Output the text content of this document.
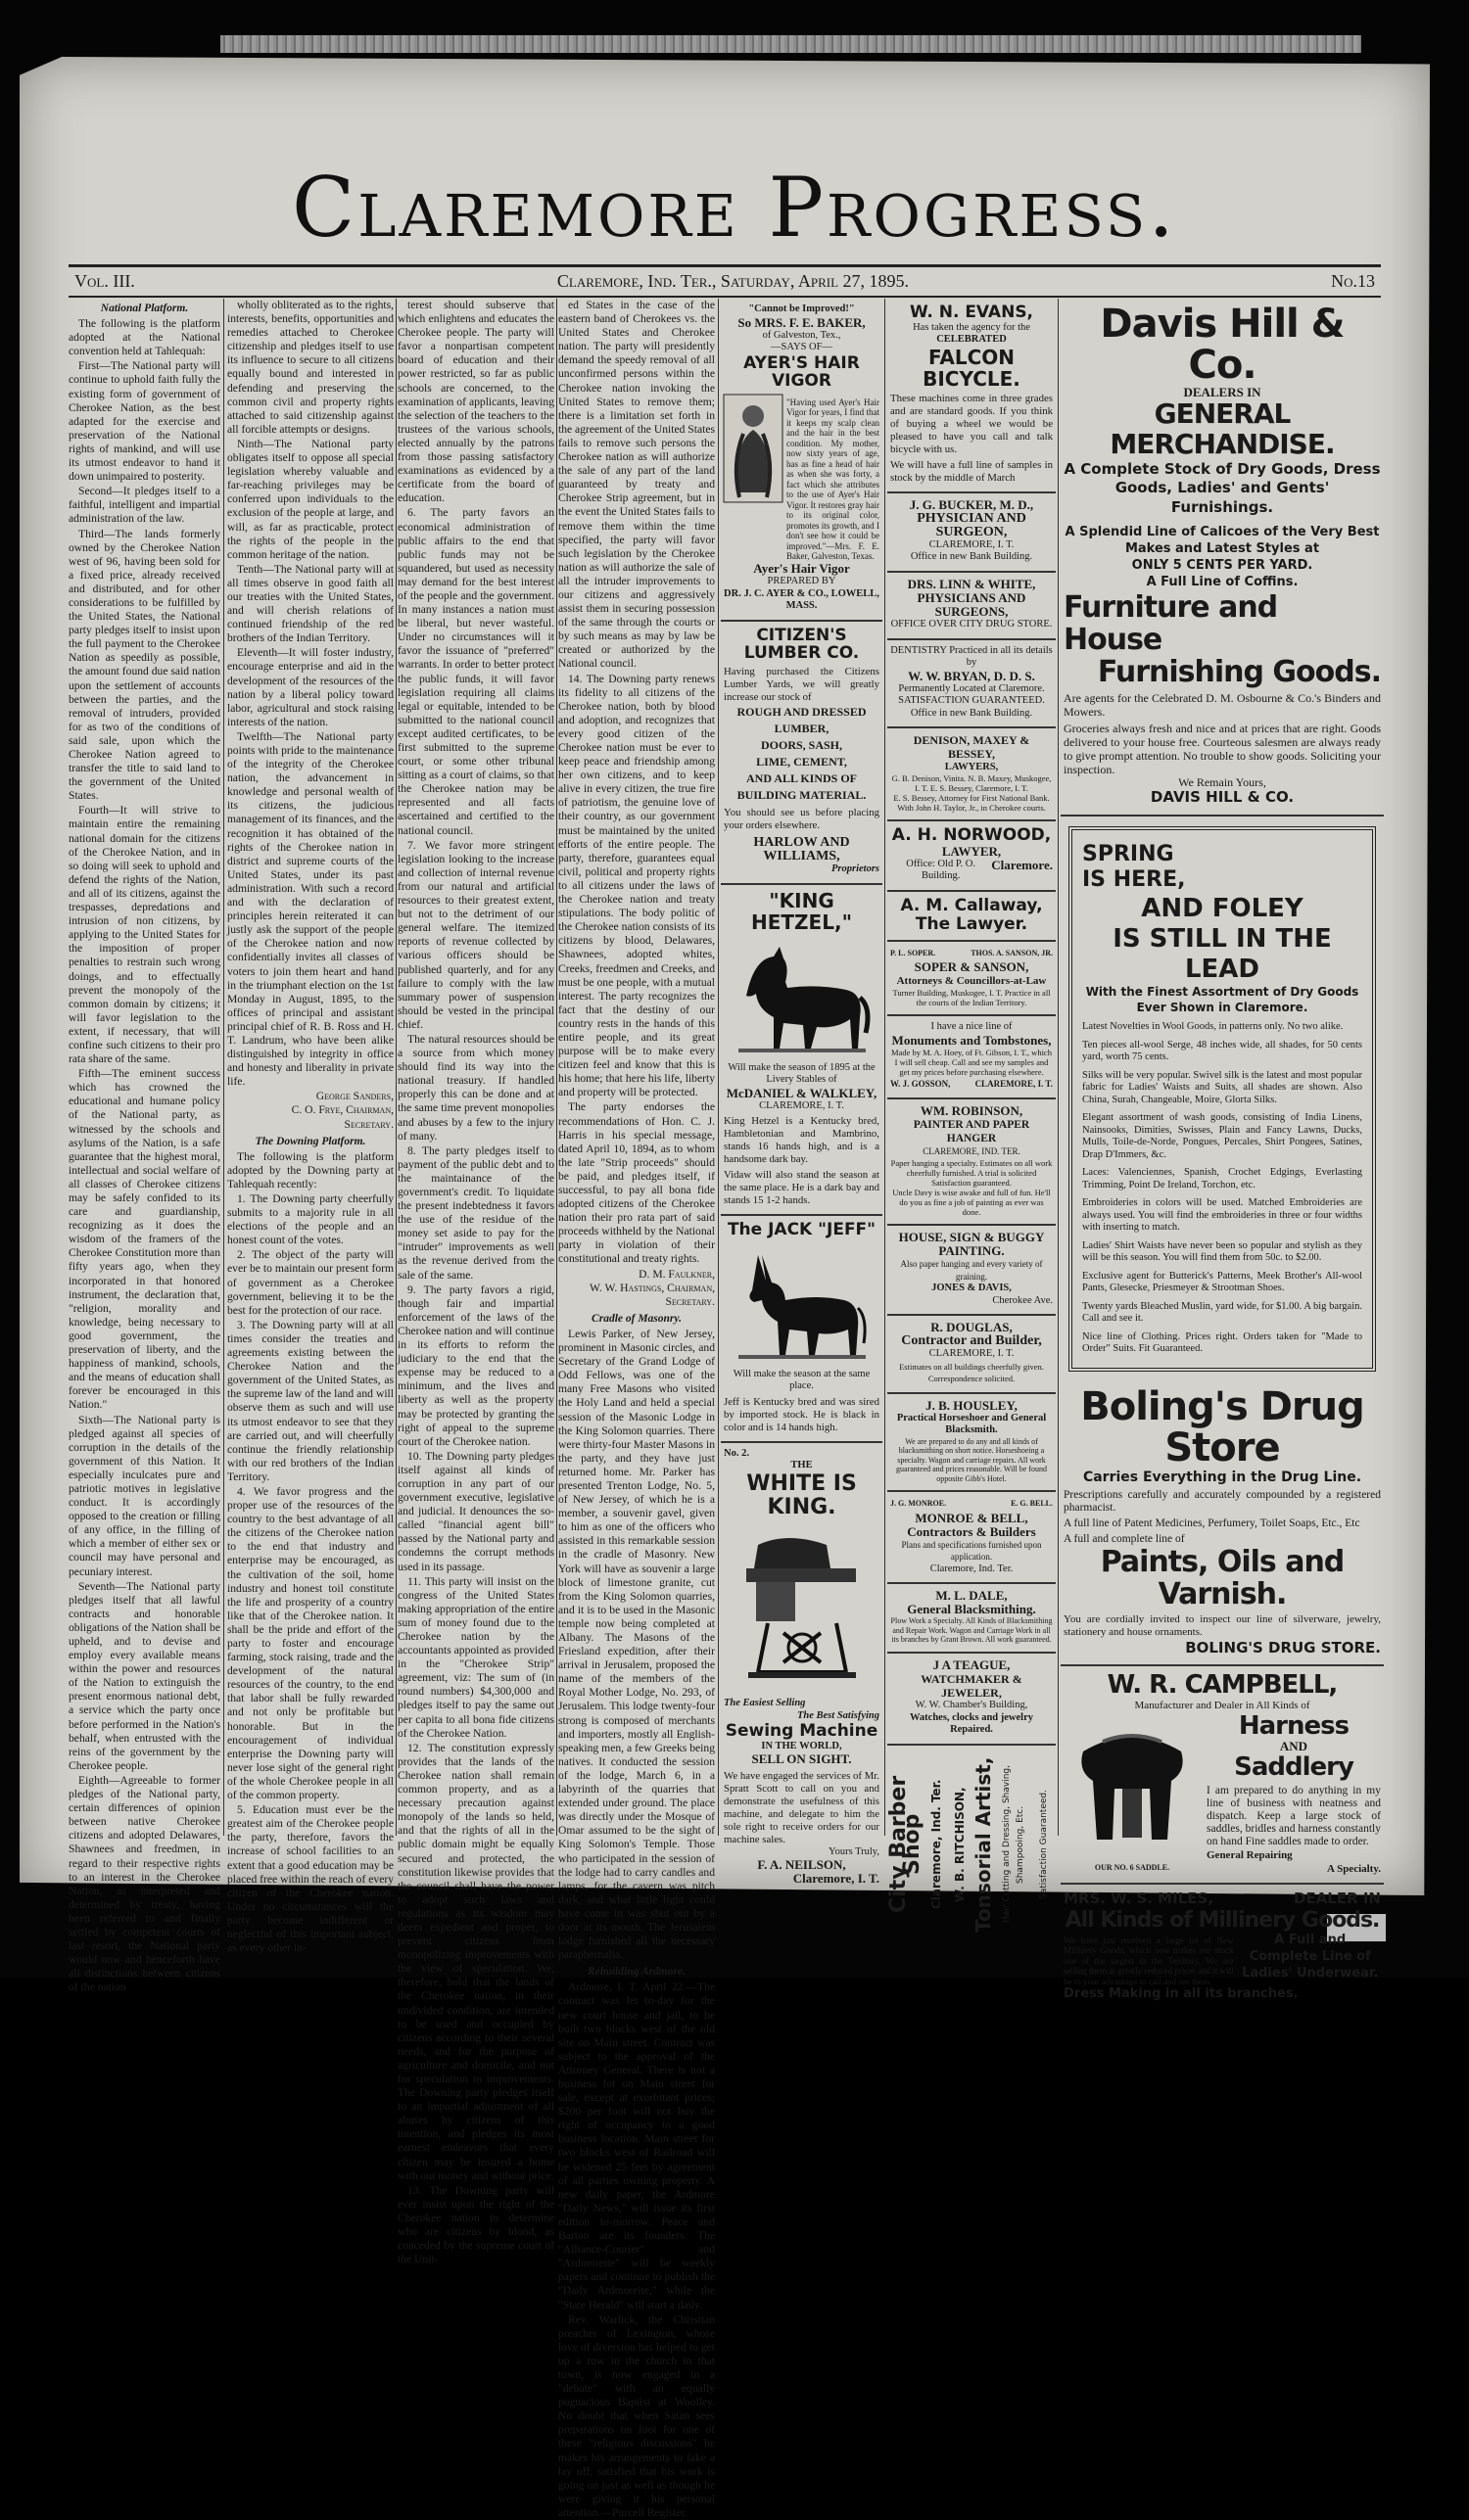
Claremore Progress.
Vol. III.	Claremore, Ind. Ter., Saturday, April 27, 1895.	No.13
National Platform.

The following is the platform adopted at the National convention held at Tahlequah:

First—The National party will continue to uphold faith fully the existing form of government of Cherokee Nation, as the best adapted for the exercise and preservation of the National rights of mankind, and will use its utmost endeavor to hand it down unimpaired to posterity.

Second—It pledges itself to a faithful, intelligent and impartial administration of the law.

Third—The lands formerly owned by the Cherokee Nation west of 96, having been sold for a fixed price, already received and distributed, and for other considerations to be fulfilled by the United States, the National party pledges itself to insist upon the full payment to the Cherokee Nation as speedily as possible, the amount found due said nation upon the settlement of accounts between the parties, and the removal of intruders, provided for as two of the conditions of said sale, upon which the Cherokee Nation agreed to transfer the title to said land to the government of the United States.

Fourth—It will strive to maintain entire the remaining national domain for the citizens of the Cherokee Nation, and in so doing will seek to uphold and defend the rights of the Nation, and all of its citizens, against the trespasses, depredations and intrusion of non citizens, by applying to the United States for the imposition of proper penalties to restrain such wrong doings, and to effectually prevent the monopoly of the common domain by citizens; it will favor legislation to the extent, if necessary, that will confine such citizens to their pro rata share of the same.

Fifth—The eminent success which has crowned the educational and humane policy of the National party, as witnessed by the schools and asylums of the Nation, is a safe guarantee that the highest moral, intellectual and social welfare of all classes of Cherokee citizens may be safely confided to its care and guardianship, recognizing as it does the wisdom of the framers of the Cherokee Constitution more than fifty years ago, when they incorporated in that honored instrument, the declaration that, "religion, morality and knowledge, being necessary to good government, the preservation of liberty, and the happiness of mankind, schools, and the means of education shall forever be encouraged in this Nation."

Sixth—The National party is pledged against all species of corruption in the details of the government of this Nation. It especially inculcates pure and patriotic motives in legislative conduct. It is accordingly opposed to the creation or filling of any office, in the filling of which a member of either sex or council may have personal and pecuniary interest.

Seventh—The National party pledges itself that all lawful contracts and honorable obligations of the Nation shall be upheld, and to devise and employ every available means within the power and resources of the Nation to extinguish the present enormous national debt, a service which the party once before performed in the Nation's behalf, when entrusted with the reins of the government by the Cherokee people.

Eighth—Agreeable to former pledges of the National party, certain differences of opinion between native Cherokee citizens and adopted Delawares, Shawnees and freedmen, in regard to their respective rights to an interest in the Cherokee Nation, as interpreted and determined by treaty, having been referred to and finally settled by competent courts of last resort, the National party would now and henceforth have all distinctions between citizens of the nation

wholly obliterated as to the rights, interests, benefits, opportunities and remedies attached to Cherokee citizenship and pledges itself to use its influence to secure to all citizens equally bound and interested in defending and preserving the common civil and property rights attached to said citizenship against all forcible attempts or designs.

Ninth—The National party obligates itself to oppose all special legislation whereby valuable and far-reaching privileges may be conferred upon individuals to the exclusion of the people at large, and will, as far as practicable, protect the rights of the people in the common heritage of the nation.

Tenth—The National party will at all times observe in good faith all our treaties with the United States, and will cherish relations of continued friendship of the red brothers of the Indian Territory.

Eleventh—It will foster industry, encourage enterprise and aid in the development of the resources of the nation by a liberal policy toward labor, agricultural and stock raising interests of the nation.

Twelfth—The National party points with pride to the maintenance of the integrity of the Cherokee nation, the advancement in knowledge and personal wealth of its citizens, the judicious management of its finances, and the recognition it has obtained of the rights of the Cherokee nation in district and supreme courts of the United States, under its past administration. With such a record and with the declaration of principles herein reiterated it can justly ask the support of the people of the Cherokee nation and now confidentially invites all classes of voters to join them heart and hand in the triumphant election on the 1st Monday in August, 1895, to the offices of principal and assistant principal chief of R. B. Ross and H. T. Landrum, who have been alike distinguished by integrity in office and honesty and liberality in private life.

George Sanders,
C. O. Frye, Chairman,
Secretary.
The Downing Platform.

The following is the platform adopted by the Downing party at Tahlequah recently:

1. The Downing party cheerfully submits to a majority rule in all elections of the people and an honest count of the votes.

2. The object of the party will ever be to maintain our present form of government as a Cherokee government, believing it to be the best for the protection of our race.

3. The Downing party will at all times consider the treaties and agreements existing between the Cherokee Nation and the government of the United States, as the supreme law of the land and will observe them as such and will use its utmost endeavor to see that they are carried out, and will cheerfully continue the friendly relationship with our red brothers of the Indian Territory.

4. We favor progress and the proper use of the resources of the country to the best advantage of all the citizens of the Cherokee nation to the end that industry and enterprise may be encouraged, as the cultivation of the soil, home industry and honest toil constitute the life and prosperity of a country like that of the Cherokee nation. It shall be the pride and effort of the party to foster and encourage farming, stock raising, trade and the development of the natural resources of the country, to the end that labor shall be fully rewarded and not only be profitable but honorable. But in the encouragement of individual enterprise the Downing party will never lose sight of the general right of the whole Cherokee people in all of the common property.

5. Education must ever be the greatest aim of the Cherokee people the party, therefore, favors the increase of school facilities to an extent that a good education may be placed free within the reach of every citizen of the Cherokee nation. Under no circumstances will the party become indifferent or neglectful of this important subject, as every other in-

terest should subserve that which enlightens and educates the Cherokee people. The party will favor a nonpartisan competent board of education and their power restricted, so far as public schools are concerned, to the examination of applicants, leaving the selection of the teachers to the trustees of the various schools, elected annually by the patrons from those passing satisfactory examinations as evidenced by a certificate from the board of education.

6. The party favors an economical administration of public affairs to the end that public funds may not be squandered, but used as necessity may demand for the best interest of the people and the government. In many instances a nation must be liberal, but never wasteful. Under no circumstances will it favor the issuance of "preferred" warrants. In order to better protect the public funds, it will favor legislation requiring all claims legal or equitable, intended to be submitted to the national council except audited certificates, to be first submitted to the supreme court, or some other tribunal sitting as a court of claims, so that the Cherokee nation may be represented and all facts ascertained and certified to the national council.

7. We favor more stringent legislation looking to the increase and collection of internal revenue from our natural and artificial resources to their greatest extent, but not to the detriment of our general welfare. The itemized reports of revenue collected by various officers should be published quarterly, and for any failure to comply with the law summary power of suspension should be vested in the principal chief.

The natural resources should be a source from which money should find its way into the national treasury. If handled properly this can be done and at the same time prevent monopolies and abuses by a few to the injury of many.

8. The party pledges itself to payment of the public debt and to the maintainance of the government's credit. To liquidate the present indebtedness it favors the use of the residue of the money set aside to pay for the "intruder" improvements as well as the revenue derived from the sale of the same.

9. The party favors a rigid, though fair and impartial enforcement of the laws of the Cherokee nation and will continue in its efforts to reform the judiciary to the end that the expense may be reduced to a minimum, and the lives and liberty as well as the property may be protected by granting the right of appeal to the supreme court of the Cherokee nation.

10. The Downing party pledges itself against all kinds of corruption in any part of our government executive, legislative and judicial. It denounces the so-called "financial agent bill" passed by the National party and condemns the corrupt methods used in its passage.

11. This party will insist on the congress of the United States making appropriation of the entire sum of money found due to the Cherokee nation by the accountants appointed as provided in the "Cherokee Strip" agreement, viz: The sum of (in round numbers) $4,300,000 and pledges itself to pay the same out per capita to all bona fide citizens of the Cherokee Nation.

12. The constitution expressly provides that the lands of the Cherokee nation shall remain common property, and as a necessary precaution against monopoly of the lands so held, and that the rights of all in the public domain might be equally secured and protected, the constitution likewise provides that the council shall have the power to adopt such laws and regulations as its wisdom may deem expedient and proper, to prevent citizens from monopolizing improvements with the view of speculation. We, therefore, hold that the lands of the Cherokee nation, in their undivided condition, are intended to be used and occupied by citizens according to their several needs, and for the purpose of agriculture and domicile, and not for speculation in improvements. The Downing party pledges itself to an impartial adjustment of all abuses by citizens of this intention, and pledges its most earnest endeavors that every citizen may be insured a home with out money and without price.

13. The Downing party will ever insist upon the right of the Cherokee nation to determine who are citizens by blood, as conceded by the supreme court of the Unit-

ed States in the case of the eastern band of Cherokees vs. the United States and Cherokee nation. The party will presidently demand the speedy removal of all unconfirmed persons within the Cherokee nation invoking the United States to remove them; there is a limitation set forth in the agreement of the United States fails to remove such persons the Cherokee nation as will authorize the sale of any part of the land guaranteed by treaty and Cherokee Strip agreement, but in the event the United States fails to remove them within the time specified, the party will favor such legislation by the Cherokee nation as will authorize the sale of all the intruder improvements to our citizens and aggressively assist them in securing possession of the same through the courts or by such means as may by law be created or authorized by the National council.

14. The Downing party renews its fidelity to all citizens of the Cherokee nation, both by blood and adoption, and recognizes that every good citizen of the Cherokee nation must be ever to keep peace and friendship among her own citizens, and to keep alive in every citizen, the true fire of patriotism, the genuine love of their country, as our government must be maintained by the united efforts of the entire people. The party, therefore, guarantees equal civil, political and property rights to all citizens under the laws of the Cherokee nation and treaty stipulations. The body politic of the Cherokee nation consists of its citizens by blood, Delawares, Shawnees, adopted whites, Creeks, freedmen and Creeks, and must be one people, with a mutual interest. The party recognizes the fact that the destiny of our country rests in the hands of this entire people, and its great purpose will be to make every citizen feel and know that this is his home; that here his life, liberty and property will be protected.

The party endorses the recommendations of Hon. C. J. Harris in his special message, dated April 10, 1894, as to whom the late "Strip proceeds" should be paid, and pledges itself, if successful, to pay all bona fide adopted citizens of the Cherokee nation their pro rata part of said proceeds withheld by the National party in violation of their constitutional and treaty rights.

D. M. Faulkner,
W. W. Hastings, Chairman,
Secretary.
Cradle of Masonry.

Lewis Parker, of New Jersey, prominent in Masonic circles, and Secretary of the Grand Lodge of Odd Fellows, was one of the many Free Masons who visited the Holy Land and held a special session of the Masonic Lodge in the King Solomon quarries. There were thirty-four Master Masons in the party, and they have just returned home. Mr. Parker has presented Trenton Lodge, No. 5, of New Jersey, of which he is a member, a souvenir gavel, given to him as one of the officers who assisted in this remarkable session in the cradle of Masonry. New York will have as souvenir a large block of limestone granite, cut from the King Solomon quarries, and it is to be used in the Masonic temple now being completed at Albany. The Masons of the Friesland expedition, after their arrival in Jerusalem, proposed the name of the members of the Royal Mother Lodge, No. 293, of Jerusalem. This lodge twenty-four strong is composed of merchants and importers, mostly all English-speaking men, a few Greeks being natives. It conducted the session of the lodge, March 6, in a labyrinth of the quarries that extended under ground. The place was directly under the Mosque of Omar assumed to be the sight of King Solomon's Temple. Those who participated in the session of the lodge had to carry candles and lamps, for the cavern was pitch dark, and what little light could have come in was shut out by a door at its mouth. The Jerusalem lodge furnished all the necessary paraphernalia.

Rebuilding Ardmore.

Ardmore, I. T. April 22.—The contract was let to-day for the new court house and jail, to be built two blocks west of the old site on Main street. Contract was subject to the approval of the Attorney General. There is not a business lot on Main street for sale, except at exorbitant prices; $200 per foot will not buy the right of occupancy to a good business location. Main street for two blocks west of Railroad will be widened 25 feet by agreement of all parties owning property. A new daily paper, the Ardmore "Daily News," will issue its first edition to-morrow. Peace and Barton are its founders. The "Alliance-Courier" and "Ardmoreite" will be weekly papers and continue to publish the "Daily Ardmoreite," while the "State Herald" will start a daily.

Rev. Warlick, the Christian preacher of Lexington, whose love of diversion has helped to get up a row in the church in that town, is now engaged in a "debate" with an equally pugnacious Baptist at Woolley. No doubt that when Satan sees preparations on foot for one of these "religious discussions" he makes his arrangements to take a lay off, satisfied that his work is going on just as well as though he were giving it his personal attention.—Purcell Register.

"Cannot be Improved!"
So MRS. F. E. BAKER,
of Galveston, Tex.,
—SAYS OF—
AYER'S HAIR VIGOR
"Having used Ayer's Hair Vigor for years, I find that it keeps my scalp clean and the hair in the best condition. My mother, now sixty years of age, has as fine a head of hair as when she was forty, a fact which she attributes to the use of Ayer's Hair Vigor. It restores gray hair to its original color, promotes its growth, and I don't see how it could be improved."—Mrs. F. E. Baker, Galveston, Texas.
Ayer's Hair Vigor
PREPARED BY
DR. J. C. AYER & CO., LOWELL, MASS.
CITIZEN'S LUMBER CO.
Having purchased the Citizens Lumber Yards, we will greatly increase our stock of
ROUGH AND DRESSED
LUMBER,
DOORS, SASH,
LIME, CEMENT,
AND ALL KINDS OF
BUILDING MATERIAL.
You should see us before placing your orders elsewhere.
HARLOW AND WILLIAMS,
Proprietors
"KING HETZEL,"
Will make the season of 1895 at the Livery Stables of
McDANIEL & WALKLEY,
CLAREMORE, I. T.
King Hetzel is a Kentucky bred, Hambletonian and Mambrino, stands 16 hands high, and is a handsome dark bay.
Vidaw will also stand the season at the same place. He is a dark bay and stands 15 1-2 hands.
The JACK "JEFF"
Will make the season at the same place.
Jeff is Kentucky bred and was sired by imported stock. He is black in color and is 14 hands high.
No. 2.
THE
WHITE IS KING.
The Easiest Selling
The Best Satisfying
Sewing Machine
IN THE WORLD,
SELL ON SIGHT.
We have engaged the services of Mr. Spratt Scott to call on you and demonstrate the usefulness of this machine, and delegate to him the sole right to receive orders for our machine sales.
Yours Truly,
F. A. NEILSON,
Claremore, I. T.
W. N. EVANS,
Has taken the agency for the
CELEBRATED
FALCON BICYCLE.
These machines come in three grades and are standard goods. If you think of buying a wheel we would be pleased to have you call and talk bicycle with us.
We will have a full line of samples in stock by the middle of March
J. G. BUCKER, M. D.,
PHYSICIAN AND SURGEON,
CLAREMORE, I. T.
Office in new Bank Building.
DRS. LINN & WHITE,
PHYSICIANS AND SURGEONS,
OFFICE OVER CITY DRUG STORE.
DENTISTRY Practiced in all its details by
W. W. BRYAN, D. D. S.
Permanently Located at Claremore.
SATISFACTION GUARANTEED.
Office in new Bank Building.
DENISON, MAXEY & BESSEY,
LAWYERS,
G. B. Denison, Vinita. N. B. Maxey, Muskogee, I. T. E. S. Bessey, Claremore, I. T.
E. S. Bessey, Attorney for First National Bank. With John H. Taylor, Jr., in Cherokee courts.
A. H. NORWOOD,
LAWYER,
Office: Old P. O. Building.
Claremore.
A. M. Callaway,
The Lawyer.
P. L. SOPER.	THOS. A. SANSON, JR.
SOPER & SANSON,
Attorneys & Councillors-at-Law
Turner Building, Muskogee, I. T. Practice in all the courts of the Indian Territory.
I have a nice line of
Monuments and Tombstones,
Made by M. A. Hoey, of Ft. Gibson, I. T., which I will sell cheap. Call and see my samples and get my prices before purchasing elsewhere.
W. J. GOSSON,	CLAREMORE, I. T.
WM. ROBINSON,
PAINTER AND PAPER HANGER
CLAREMORE, IND. TER.
Paper hanging a specialty. Estimates on all work cheerfully furnished. A trial is solicited Satisfaction guaranteed.
Uncle Davy is wise awake and full of fun. He'll do you as fine a job of painting as ever was done.
HOUSE, SIGN & BUGGY PAINTING.
Also paper hanging and every variety of graining.
JONES & DAVIS,
Cherokee Ave.
R. DOUGLAS,
Contractor and Builder,
CLAREMORE, I. T.
Estimates on all buildings cheerfully given. Correspondence solicited.
J. B. HOUSLEY,
Practical Horseshoer and General Blacksmith.
We are prepared to do any and all kinds of blacksmithing on short notice. Horseshoeing a specialty. Wagon and carriage repairs. All work guaranteed and prices reasonable. Will be found opposite Gibb's Hotel.
J. G. MONROE.	E. G. BELL.
MONROE & BELL,
Contractors & Builders
Plans and specifications furnished upon application.
Claremore, Ind. Ter.
M. L. DALE,
General Blacksmithing.
Plow Work a Specialty. All Kinds of Blacksmithing and Repair Work. Wagon and Carriage Work in all its branches by Grant Brown. All work guaranteed.
J A TEAGUE,
WATCHMAKER & JEWELER,
W. W. Chamber's Building,
Watches, clocks and jewelry Repaired.
City Barber Shop Claremore, Ind. Ter. W. B. RITCHISON, Tonsorial Artist, Hair Cutting and Dressing, Shaving, Shampooing, Etc. Satisfaction Guaranteed.
Davis Hill & Co.
DEALERS IN
GENERAL MERCHANDISE.
A Complete Stock of Dry Goods, Dress Goods, Ladies' and Gents' Furnishings.
A Splendid Line of Calicoes of the Very Best Makes and Latest Styles at
ONLY 5 CENTS PER YARD.
A Full Line of Coffins.
Furniture and House
Furnishing Goods.
Are agents for the Celebrated D. M. Osbourne & Co.'s Binders and Mowers.
Groceries always fresh and nice and at prices that are right. Goods delivered to your house free. Courteous salesmen are always ready to give prompt attention. No trouble to show goods. Soliciting your inspection.
We Remain Yours,
DAVIS HILL & CO.
SPRING
IS HERE,
AND FOLEY
IS STILL IN THE LEAD
With the Finest Assortment of Dry Goods Ever Shown in Claremore.
Latest Novelties in Wool Goods, in patterns only. No two alike.
Ten pieces all-wool Serge, 48 inches wide, all shades, for 50 cents yard, worth 75 cents.
Silks will be very popular. Swivel silk is the latest and most popular fabric for Ladies' Waists and Suits, all shades are shown. Also China, Surah, Changeable, Moire, Glorta Silks.
Elegant assortment of wash goods, consisting of India Linens, Nainsooks, Dimities, Swisses, Plain and Fancy Lawns, Ducks, Mulls, Toile-de-Norde, Pongues, Percales, Shirt Pongees, Satines, Drap D'Immers, &c.
Laces: Valenciennes, Spanish, Crochet Edgings, Everlasting Trimming, Point De Ireland, Torchon, etc.
Embroideries in colors will be used. Matched Embroideries are always used. You will find the embroideries in three or four widths with inserting to match.
Ladies' Shirt Waists have never been so popular and stylish as they will be this season. You will find them from 50c. to $2.00.
Exclusive agent for Butterick's Patterns, Meek Brother's All-wool Pants, Glesecke, Priesmeyer & Strootman Shoes.
Twenty yards Bleached Muslin, yard wide, for $1.00. A big bargain. Call and see it.
Nice line of Clothing. Prices right. Orders taken for "Made to Order" Suits. Fit Guaranteed.
Boling's Drug Store
Carries Everything in the Drug Line.
Prescriptions carefully and accurately compounded by a registered pharmacist.
A full line of Patent Medicines, Perfumery, Toilet Soaps, Etc., Etc
A full and complete line of
Paints, Oils and Varnish.
You are cordially invited to inspect our line of silverware, jewelry, stationery and house ornaments.
BOLING'S DRUG STORE.
W. R. CAMPBELL,
Manufacturer and Dealer in All Kinds of
OUR NO. 6 SADDLE.
Harness
AND
Saddlery
I am prepared to do anything in my line of business with neatness and dispatch. Keep a large stock of saddles, bridles and harness constantly on hand Fine saddles made to order.
General Repairing
A Specialty.
MRS. W. S. MILES,	DEALER IN
All Kinds of Millinery Goods.
We have just received a large lot of New Millinery Goods, which now makes our stock one of the largest in the Territory. We are selling them at greatly reduced prices and it will be to your advantage to call and see them.
A Full and Complete Line of Ladies' Underwear.
Dress Making in all its branches.
